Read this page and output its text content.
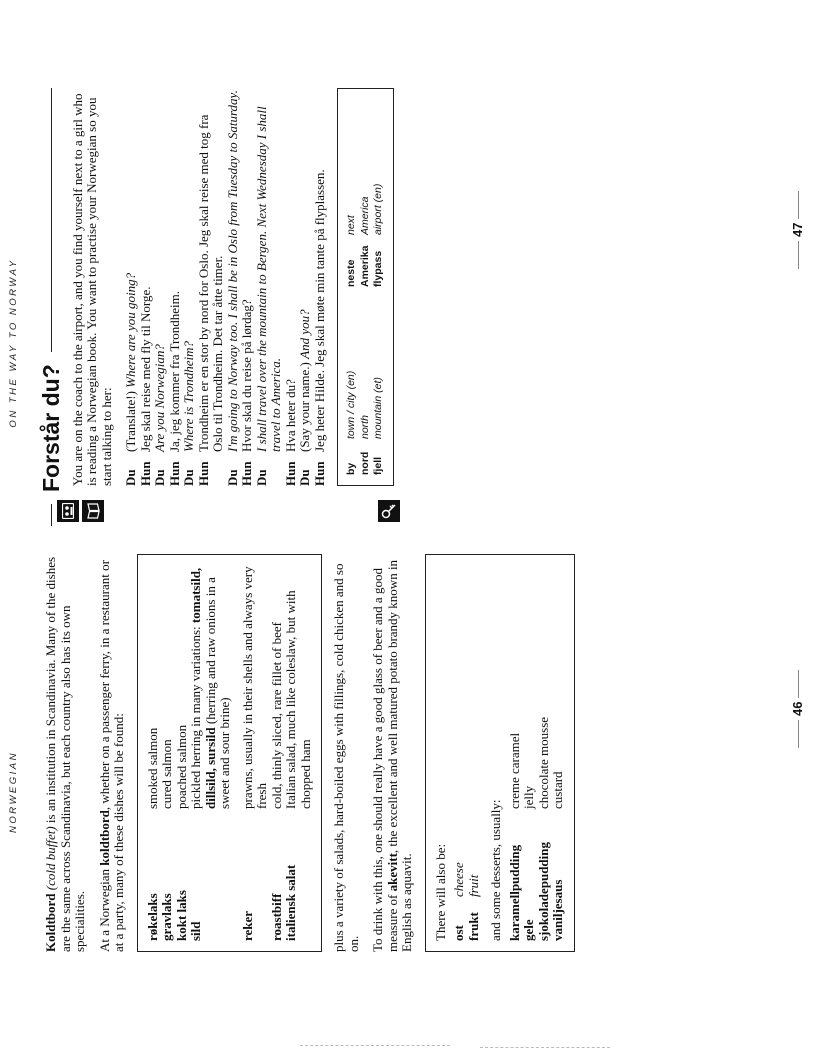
NORWEGIAN

Koldtbord (cold buffet) is an institution in Scandinavia. Many of the dishes are the same across Scandinavia, but each country also has its own specialities. At a Norwegian koldtbord, whether on a passenger ferry, in a restaurant or at a party, many of these dishes will be found: røkelaks
smoked salmon
gravlaks
cured salmon
kokt laks
poached salmon
sild
pickled herring in many variations: tomatsild, dillsild, sursild (herring and raw onions in a sweet and sour brine)
reker
prawns, usually in their shells and always very fresh
roastbiff
cold, thinly sliced, rare fillet of beef
italiensk salat
Italian salad, much like coleslaw, but with chopped ham plus a variety of salads, hard-boiled eggs with fillings, cold chicken and so on. To drink with this, one should really have a good glass of beer and a good measure of akevitt, the excellent and well matured potato brandy known in English as aquavit. There will also be: ostcheese
fruktfruit and some desserts, usually: karamellpudding
creme caramel
gele
jelly
sjokoladepudding
chocolate mousse
vaniljesaus
custard
46
ON THE WAY TO NORWAY
Forstår du? You are on the coach to the airport, and you find yourself next to a girl who is reading a Norwegian book. You want to practise your Norwegian so you start talking to her: Du
(Translate!) Where are you going?
Hun
Jeg skal reise med fly til Norge.
Du
Are you Norwegian?
Hun
Ja, jeg kommer fra Trondheim.
Du
Where is Trondheim?
Hun
Trondheim er en stor by nord for Oslo. Jeg skal reise med tog fra Oslo til Trondheim. Det tar åtte timer.
Du
I'm going to Norway too. I shall be in Oslo from Tuesday to Saturday.
Hun
Hvor skal du reise på lørdag?
Du
I shall travel over the mountain to Bergen. Next Wednesday I shall travel to America.
Hun
Hva heter du?
Du
(Say your name.) And you?
Hun
Jeg heter Hilde. Jeg skal møte min tante på flyplassen.
bytown / city (en)
nordnorth
fjellmountain (et)
nestenext
AmerikaAmerica
flypassairport (en)	47
